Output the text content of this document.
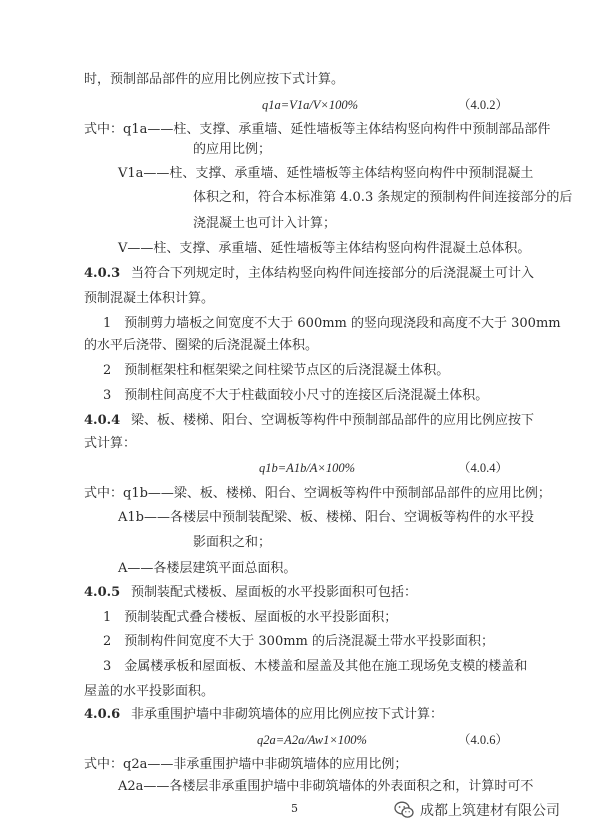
时，预制部品部件的应用比例应按下式计算。
q1a=V1a/V×100%	（4.0.2）
式中：q1a——柱、支撑、承重墙、延性墙板等主体结构竖向构件中预制部品部件
的应用比例；
V1a——柱、支撑、承重墙、延性墙板等主体结构竖向构件中预制混凝土
体积之和，符合本标准第 4.0.3 条规定的预制构件间连接部分的后
浇混凝土也可计入计算；
V——柱、支撑、承重墙、延性墙板等主体结构竖向构件混凝土总体积。
4.0.3 当符合下列规定时，主体结构竖向构件间连接部分的后浇混凝土可计入
预制混凝土体积计算。
1　预制剪力墙板之间宽度不大于 600mm 的竖向现浇段和高度不大于 300mm
的水平后浇带、圈梁的后浇混凝土体积。
2　预制框架柱和框架梁之间柱梁节点区的后浇混凝土体积。
3　预制柱间高度不大于柱截面较小尺寸的连接区后浇混凝土体积。
4.0.4 梁、板、楼梯、阳台、空调板等构件中预制部品部件的应用比例应按下
式计算：
q1b=A1b/A×100%	（4.0.4）
式中：q1b——梁、板、楼梯、阳台、空调板等构件中预制部品部件的应用比例；
A1b——各楼层中预制装配梁、板、楼梯、阳台、空调板等构件的水平投
影面积之和；
A——各楼层建筑平面总面积。
4.0.5 预制装配式楼板、屋面板的水平投影面积可包括：
1　预制装配式叠合楼板、屋面板的水平投影面积；
2　预制构件间宽度不大于 300mm 的后浇混凝土带水平投影面积；
3　金属楼承板和屋面板、木楼盖和屋盖及其他在施工现场免支模的楼盖和
屋盖的水平投影面积。
4.0.6 非承重围护墙中非砌筑墙体的应用比例应按下式计算：
q2a=A2a/Aw1×100%	（4.0.6）
式中：q2a——非承重围护墙中非砌筑墙体的应用比例；
A2a——各楼层非承重围护墙中非砌筑墙体的外表面积之和，计算时可不
5	成都上筑建材有限公司
